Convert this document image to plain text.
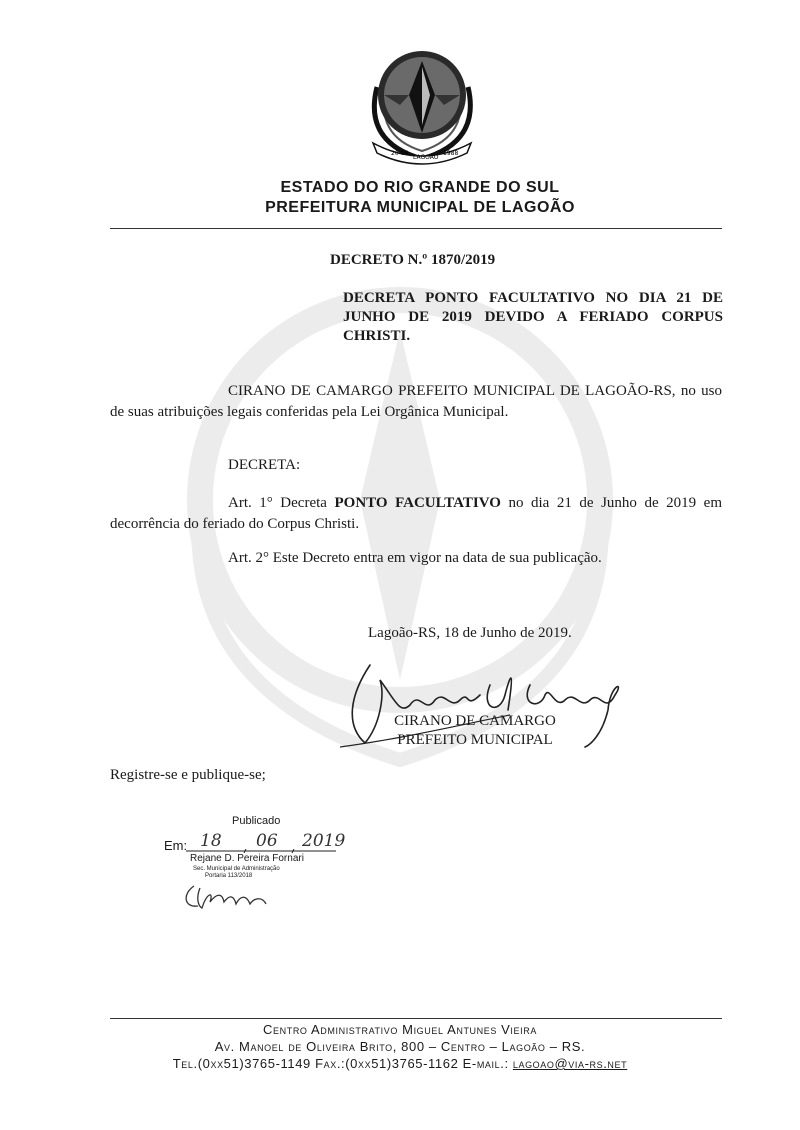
20-04
LAGOÃO
1988
ESTADO DO RIO GRANDE DO SUL
PREFEITURA MUNICIPAL DE LAGOÃO
DECRETO N.º 1870/2019
DECRETA PONTO FACULTATIVO NO DIA 21 DE JUNHO DE 2019 DEVIDO A FERIADO CORPUS CHRISTI.
CIRANO DE CAMARGO PREFEITO MUNICIPAL DE LAGOÃO-RS, no uso de suas atribuições legais conferidas pela Lei Orgânica Municipal.
DECRETA:
Art. 1° Decreta PONTO FACULTATIVO no dia 21 de Junho de 2019 em decorrência do feriado do Corpus Christi.
Art. 2° Este Decreto entra em vigor na data de sua publicação.
Lagoão-RS, 18 de Junho de 2019.
CIRANO DE CAMARGO
PREFEITO MUNICIPAL
Registre-se e publique-se;
Publicado
Em: 18 06 2019
Rejane D. Pereira Fornari
Sec. Municipal de Administração
Portaria 113/2018
Centro Administrativo Miguel Antunes Vieira
Av. Manoel de Oliveira Brito, 800 – Centro – Lagoão – RS.
Tel.(0xx51)3765-1149 Fax.:(0xx51)3765-1162 E-mail.: lagoao@via-rs.net
